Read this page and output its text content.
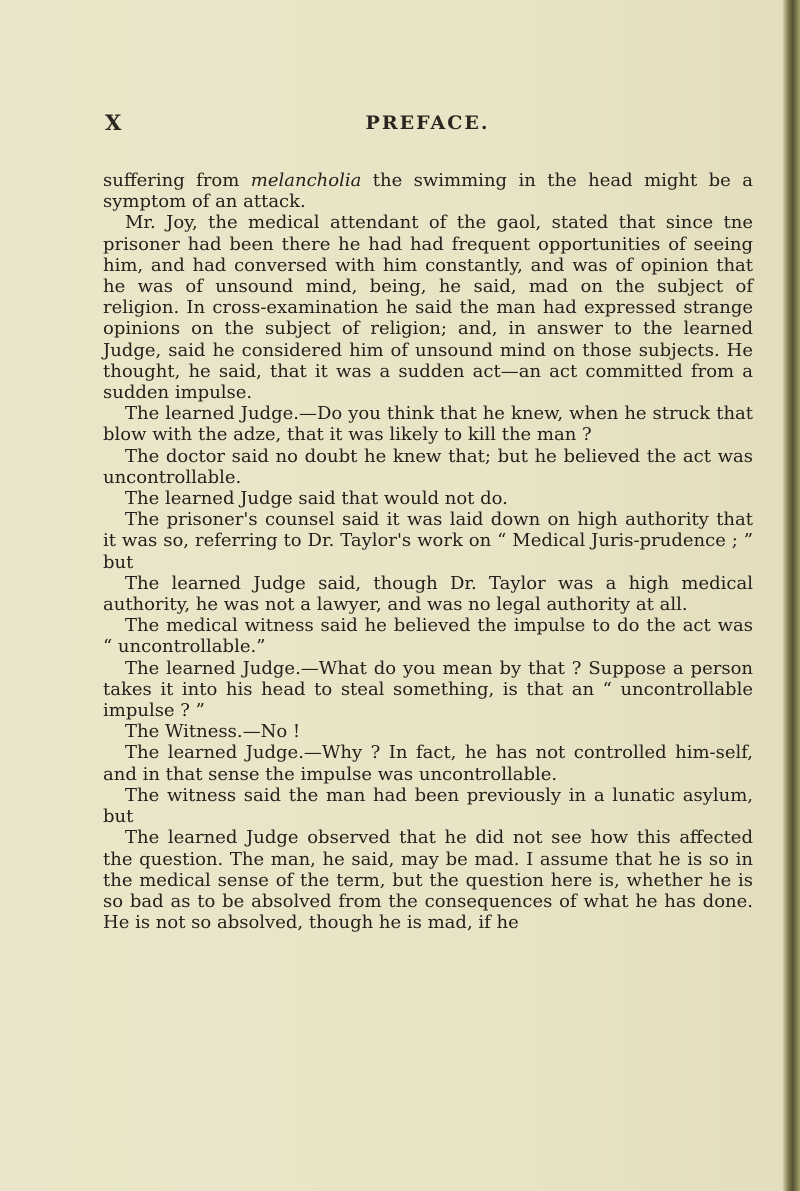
X	PREFACE.

suffering from melancholia the swimming in the head might be a symptom of an attack.

Mr. Joy, the medical attendant of the gaol, stated that since tne prisoner had been there he had had frequent opportunities of seeing him, and had conversed with him constantly, and was of opinion that he was of unsound mind, being, he said, mad on the subject of religion. In cross-examination he said the man had expressed strange opinions on the subject of religion; and, in answer to the learned Judge, said he considered him of unsound mind on those subjects. He thought, he said, that it was a sudden act—an act committed from a sudden impulse.

The learned Judge.—Do you think that he knew, when he struck that blow with the adze, that it was likely to kill the man ?

The doctor said no doubt he knew that; but he believed the act was uncontrollable.

The learned Judge said that would not do.

The prisoner's counsel said it was laid down on high authority that it was so, referring to Dr. Taylor's work on “ Medical Juris-prudence ; ” but

The learned Judge said, though Dr. Taylor was a high medical authority, he was not a lawyer, and was no legal authority at all.

The medical witness said he believed the impulse to do the act was “ uncontrollable.”

The learned Judge.—What do you mean by that ? Suppose a person takes it into his head to steal something, is that an “ uncontrollable impulse ? ”

The Witness.—No !

The learned Judge.—Why ? In fact, he has not controlled him-self, and in that sense the impulse was uncontrollable.

The witness said the man had been previously in a lunatic asylum, but

The learned Judge observed that he did not see how this affected the question. The man, he said, may be mad. I assume that he is so in the medical sense of the term, but the question here is, whether he is so bad as to be absolved from the consequences of what he has done. He is not so absolved, though he is mad, if he
